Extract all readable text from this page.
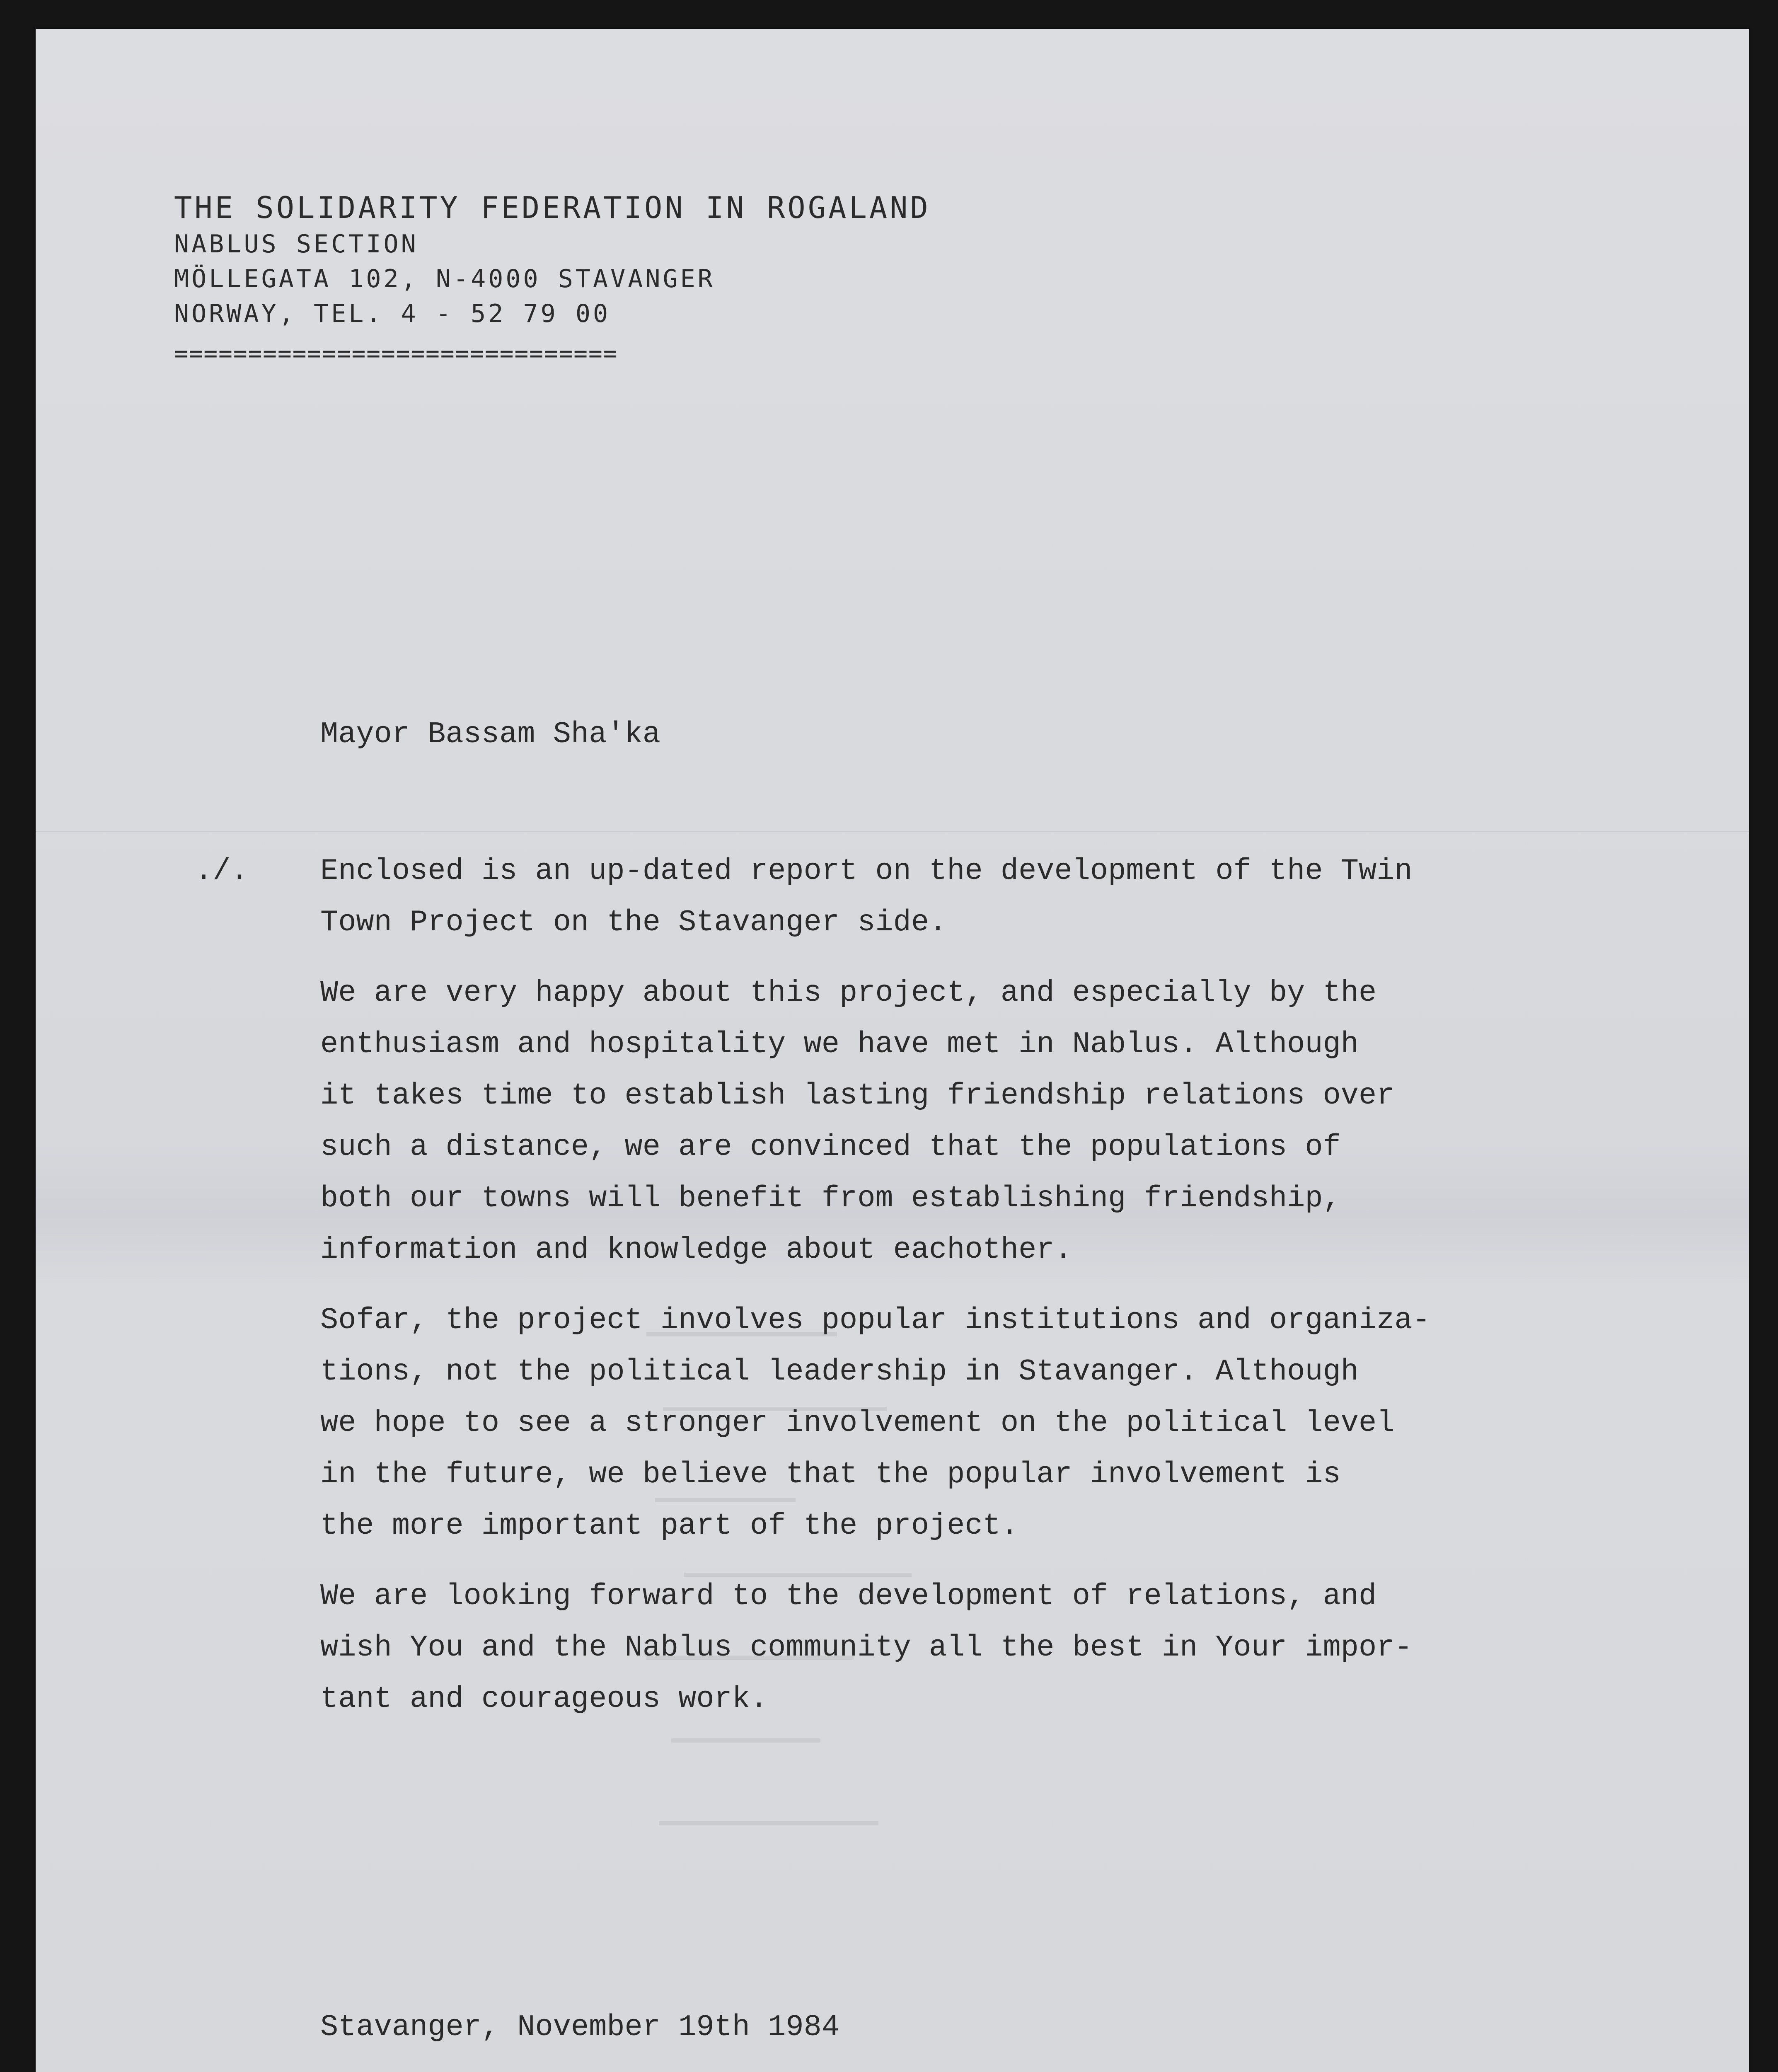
THE SOLIDARITY FEDERATION IN ROGALAND
NABLUS SECTION
MÖLLEGATA 102, N-4000 STAVANGER
NORWAY, TEL. 4 - 52 79 00
==============================

Mayor Bassam Sha'ka

./. Enclosed is an up-dated report on the development of the Twin
Town Project on the Stavanger side.

We are very happy about this project, and especially by the
enthusiasm and hospitality we have met in Nablus. Although
it takes time to establish lasting friendship relations over
such a distance, we are convinced that the populations of
both our towns will benefit from establishing friendship,
information and knowledge about eachother.

Sofar, the project involves popular institutions and organiza-
tions, not the political leadership in Stavanger. Although
we hope to see a stronger involvement on the political level
in the future, we believe that the popular involvement is
the more important part of the project.

We are looking forward to the development of relations, and
wish You and the Nablus community all the best in Your impor-
tant and courageous work.

Stavanger, November 19th 1984
